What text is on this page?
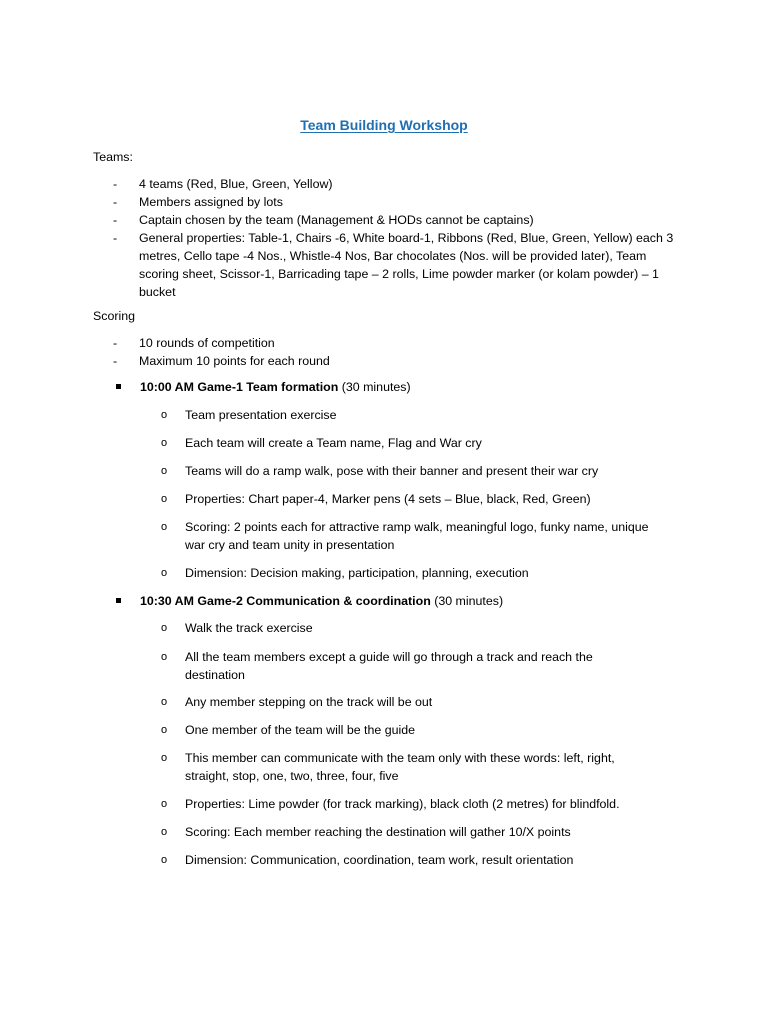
Team Building Workshop
Teams:
- 4 teams (Red, Blue, Green, Yellow)
- Members assigned by lots
- Captain chosen by the team (Management & HODs cannot be captains)
- General properties: Table-1, Chairs -6, White board-1, Ribbons (Red, Blue, Green, Yellow) each 3 metres, Cello tape -4 Nos., Whistle-4 Nos, Bar chocolates (Nos. will be provided later), Team scoring sheet, Scissor-1, Barricading tape – 2 rolls, Lime powder marker (or kolam powder) – 1 bucket
Scoring
- 10 rounds of competition
- Maximum 10 points for each round
10:00 AM Game-1 Team formation (30 minutes)
o Team presentation exercise
o Each team will create a Team name, Flag and War cry
o Teams will do a ramp walk, pose with their banner and present their war cry
o Properties: Chart paper-4, Marker pens (4 sets – Blue, black, Red, Green)
o Scoring: 2 points each for attractive ramp walk, meaningful logo, funky name, unique war cry and team unity in presentation
o Dimension: Decision making, participation, planning, execution
10:30 AM Game-2 Communication & coordination (30 minutes)
o Walk the track exercise
o All the team members except a guide will go through a track and reach the destination
o Any member stepping on the track will be out
o One member of the team will be the guide
o This member can communicate with the team only with these words: left, right, straight, stop, one, two, three, four, five
o Properties: Lime powder (for track marking), black cloth (2 metres) for blindfold.
o Scoring: Each member reaching the destination will gather 10/X points
o Dimension: Communication, coordination, team work, result orientation
